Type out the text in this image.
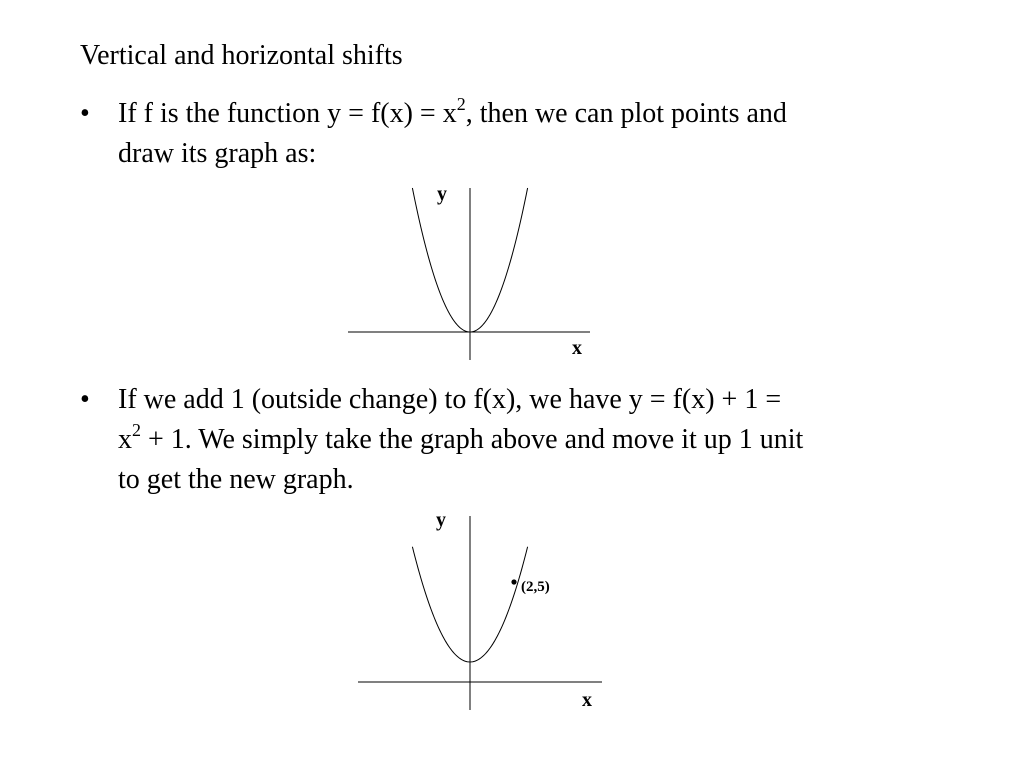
Vertical and horizontal shifts
• If f is the function $y = f(x) = x^2$, then we can plot points and
draw its graph as:
y
x
• If we add 1 (outside change) to f(x), we have y = f(x) + 1 =
$x^2 + 1$. We simply take the graph above and move it up 1 unit
to get the new graph.
(2,5)
y
x
